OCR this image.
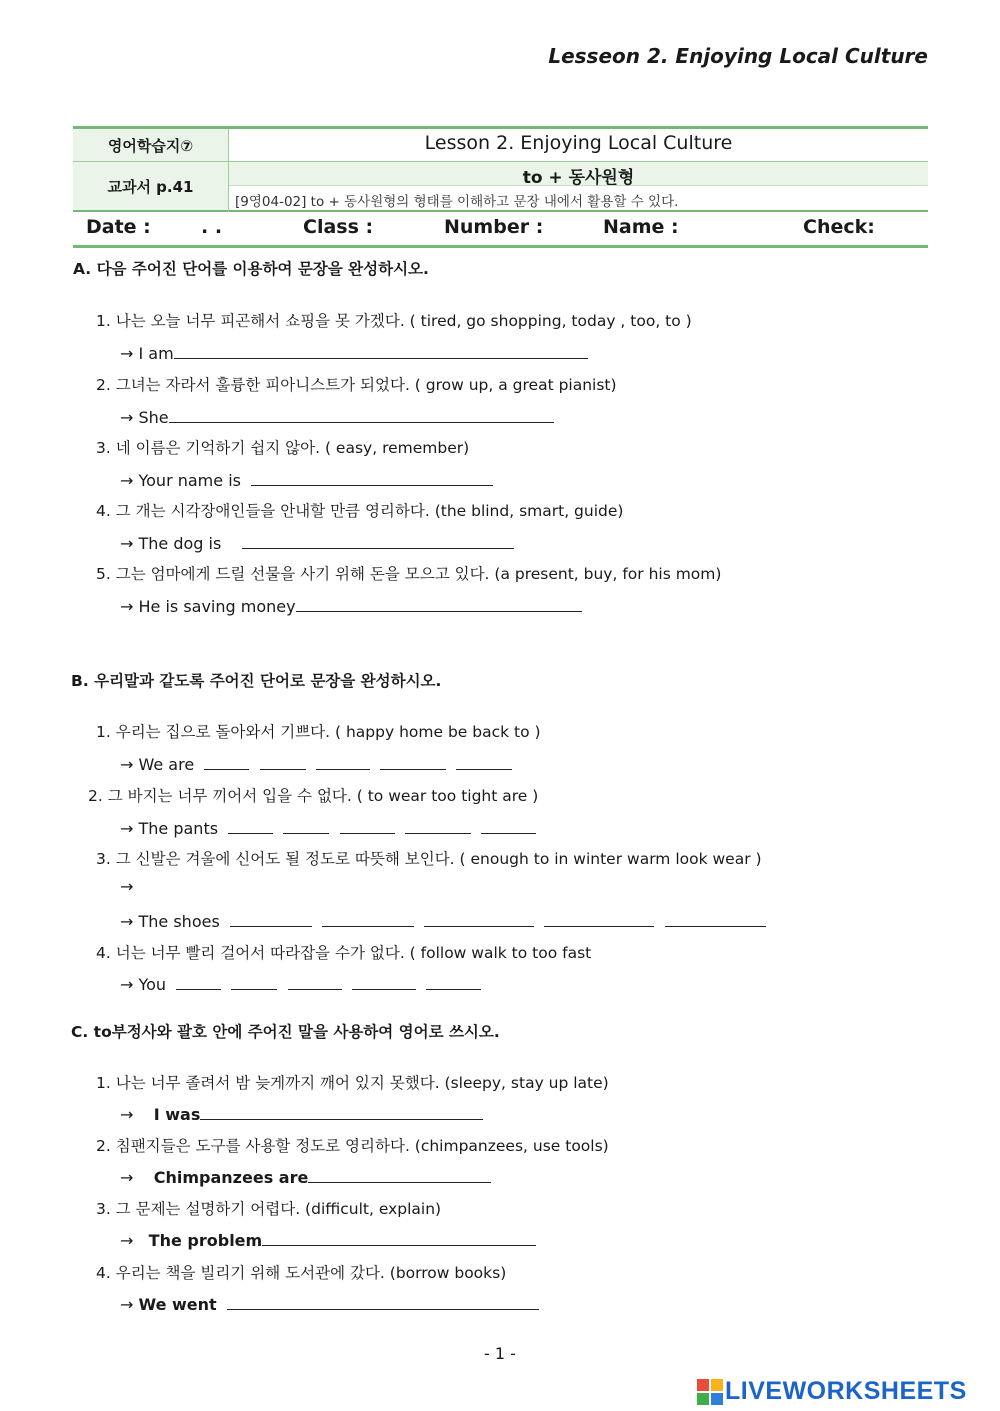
Lesseon 2. Enjoying Local Culture
영어학습지⑦	Lesson 2. Enjoying Local Culture
교과서 p.41	to + 동사원형
[9영04-02] to + 동사원형의 형태를 이해하고 문장 내에서 활용할 수 있다.
Date :	. .	Class :	Number :	Name :	Check:
A. 다음 주어진 단어를 이용하여 문장을 완성하시오.
1. 나는 오늘 너무 피곤해서 쇼핑을 못 가겠다. ( tired, go shopping, today , too, to )
→ I am
2. 그녀는 자라서 훌륭한 피아니스트가 되었다. ( grow up, a great pianist)
→ She
3. 네 이름은 기억하기 쉽지 않아. ( easy, remember)
→ Your name is
4. 그 개는 시각장애인들을 안내할 만큼 영리하다. (the blind, smart, guide)
→ The dog is
5. 그는 엄마에게 드릴 선물을 사기 위해 돈을 모으고 있다. (a present, buy, for his mom)
→ He is saving money
B. 우리말과 같도록 주어진 단어로 문장을 완성하시오.
1. 우리는 집으로 돌아와서 기쁘다. ( happy home be back to )
→ We are
2. 그 바지는 너무 끼어서 입을 수 없다. ( to wear too tight are )
→ The pants
3. 그 신발은 겨울에 신어도 될 정도로 따뜻해 보인다. ( enough to in winter warm look wear )
→
→ The shoes
4. 너는 너무 빨리 걸어서 따라잡을 수가 없다. ( follow walk to too fast
→ You
C. to부정사와 괄호 안에 주어진 말을 사용하여 영어로 쓰시오.
1. 나는 너무 졸려서 밤 늦게까지 깨어 있지 못했다. (sleepy, stay up late)
→ I was
2. 침팬지들은 도구를 사용할 정도로 영리하다. (chimpanzees, use tools)
→ Chimpanzees are
3. 그 문제는 설명하기 어렵다. (difficult, explain)
→ The problem
4. 우리는 책을 빌리기 위해 도서관에 갔다. (borrow books)
→ We went
- 1 -
LIVEWORKSHEETS
